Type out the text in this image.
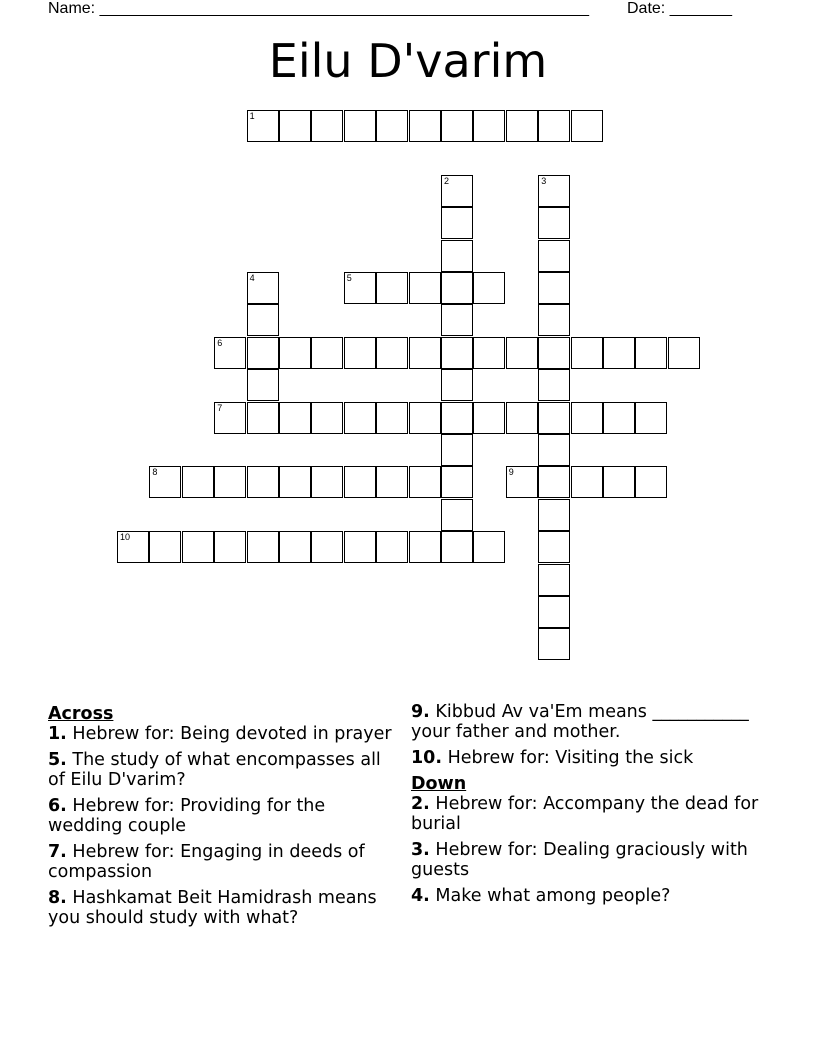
Name: _______________________________________________________ Date: _______
Eilu D'varim
1
2	3
4	5
6
7
8	9
10
Across
1. Hebrew for: Being devoted in prayer
5. The study of what encompasses all of Eilu D'varim?
6. Hebrew for: Providing for the wedding couple
7. Hebrew for: Engaging in deeds of compassion
8. Hashkamat Beit Hamidrash means you should study with what?
9. Kibbud Av va'Em means ___________ your father and mother.
10. Hebrew for: Visiting the sick
Down
2. Hebrew for: Accompany the dead for burial
3. Hebrew for: Dealing graciously with guests
4. Make what among people?
